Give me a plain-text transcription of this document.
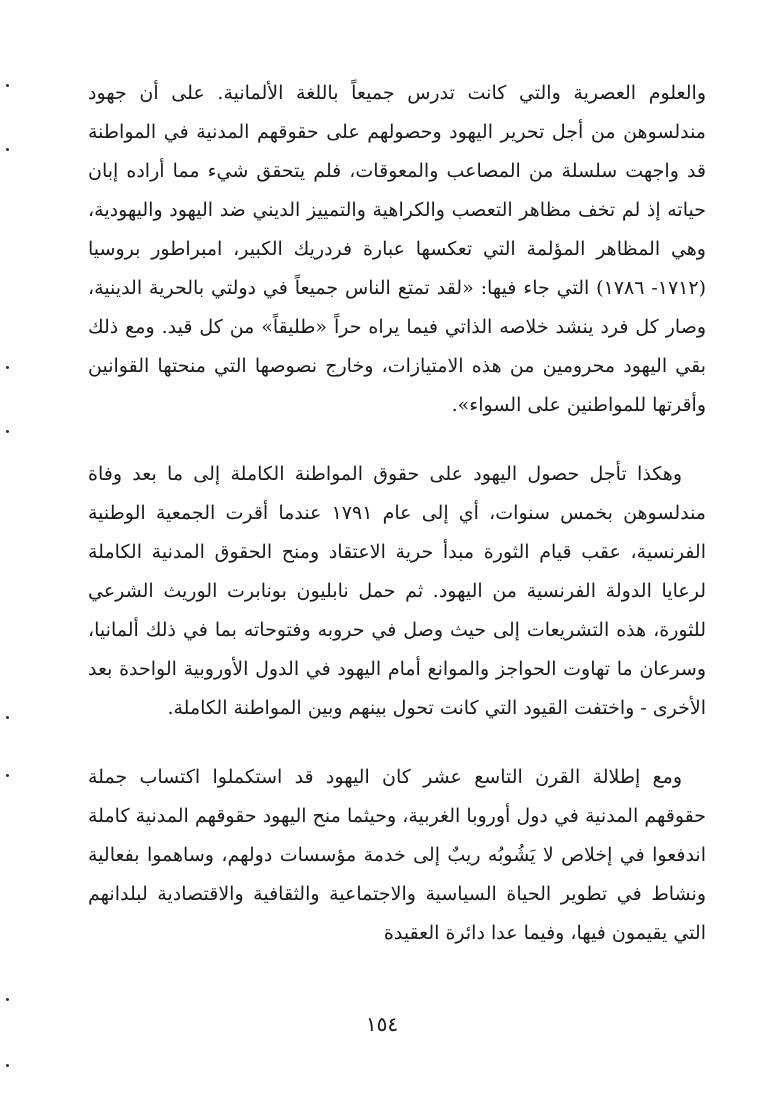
والعلوم العصرية والتي كانت تدرس جميعاً باللغة الألمانية. على أن جهود مندلسوهن من أجل تحرير اليهود وحصولهم على حقوقهم المدنية في المواطنة قد واجهت سلسلة من المصاعب والمعوقات، فلم يتحقق شيء مما أراده إبان حياته إذ لم تخف مظاهر التعصب والكراهية والتمييز الديني ضد اليهود واليهودية، وهي المظاهر المؤلمة التي تعكسها عبارة فردريك الكبير، امبراطور بروسيا (١٧١٢- ١٧٨٦) التي جاء فيها: «لقد تمتع الناس جميعاً في دولتي بالحرية الدينية، وصار كل فرد ينشد خلاصه الذاتي فيما يراه حراً «طليقاً» من كل قيد. ومع ذلك بقي اليهود محرومين من هذه الامتيازات، وخارج نصوصها التي منحتها القوانين وأقرتها للمواطنين على السواء».

وهكذا تأجل حصول اليهود على حقوق المواطنة الكاملة إلى ما بعد وفاة مندلسوهن بخمس سنوات، أي إلى عام ١٧٩١ عندما أقرت الجمعية الوطنية الفرنسية، عقب قيام الثورة مبدأ حرية الاعتقاد ومنح الحقوق المدنية الكاملة لرعايا الدولة الفرنسية من اليهود. ثم حمل نابليون بونابرت الوريث الشرعي للثورة، هذه التشريعات إلى حيث وصل في حروبه وفتوحاته بما في ذلك ألمانيا، وسرعان ما تهاوت الحواجز والموانع أمام اليهود في الدول الأوروبية الواحدة بعد الأخرى - واختفت القيود التي كانت تحول بينهم وبين المواطنة الكاملة.

ومع إطلالة القرن التاسع عشر كان اليهود قد استكملوا اكتساب جملة حقوقهم المدنية في دول أوروبا الغربية، وحيثما منح اليهود حقوقهم المدنية كاملة اندفعوا في إخلاص لا يَشُوبُه ريبٌ إلى خدمة مؤسسات دولهم، وساهموا بفعالية ونشاط في تطوير الحياة السياسية والاجتماعية والثقافية والاقتصادية لبلدانهم التي يقيمون فيها، وفيما عدا دائرة العقيدة

١٥٤
